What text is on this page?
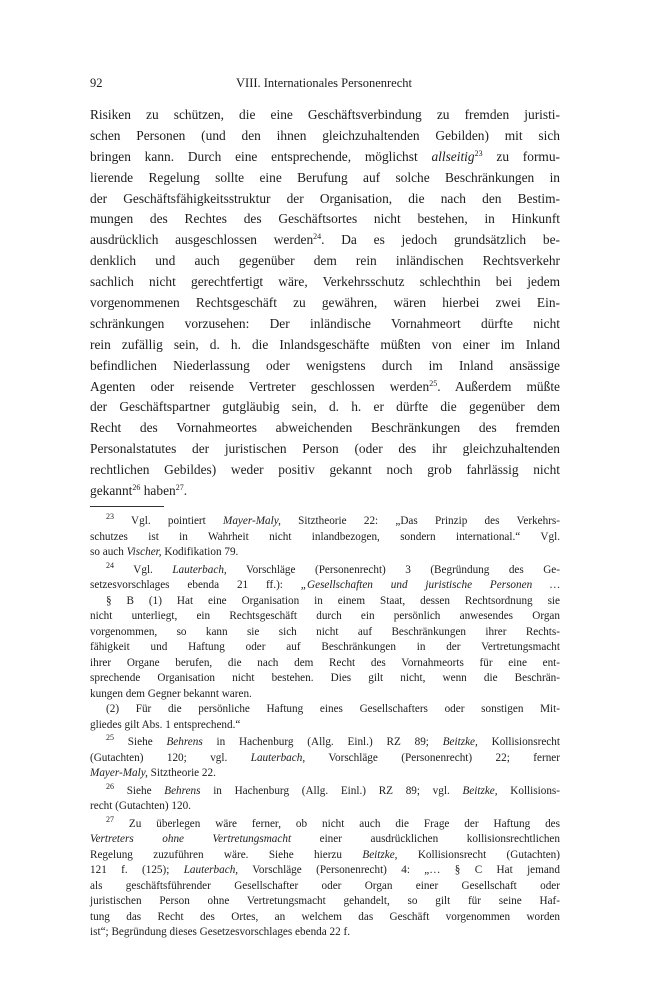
92	VIII. Internationales Personenrecht
Risiken zu schützen, die eine Geschäftsverbindung zu fremden juristi-
schen Personen (und den ihnen gleichzuhaltenden Gebilden) mit sich
bringen kann. Durch eine entsprechende, möglichst allseitig$^{23}$ zu formu-
lierende Regelung sollte eine Berufung auf solche Beschränkungen in
der Geschäftsfähigkeitsstruktur der Organisation, die nach den Bestim-
mungen des Rechtes des Geschäftsortes nicht bestehen, in Hinkunft
ausdrücklich ausgeschlossen werden$^{24}$. Da es jedoch grundsätzlich be-
denklich und auch gegenüber dem rein inländischen Rechtsverkehr
sachlich nicht gerechtfertigt wäre, Verkehrsschutz schlechthin bei jedem
vorgenommenen Rechtsgeschäft zu gewähren, wären hierbei zwei Ein-
schränkungen vorzusehen: Der inländische Vornahmeort dürfte nicht
rein zufällig sein, d. h. die Inlandsgeschäfte müßten von einer im Inland
befindlichen Niederlassung oder wenigstens durch im Inland ansässige
Agenten oder reisende Vertreter geschlossen werden$^{25}$. Außerdem müßte
der Geschäftspartner gutgläubig sein, d. h. er dürfte die gegenüber dem
Recht des Vornahmeortes abweichenden Beschränkungen des fremden
Personalstatutes der juristischen Person (oder des ihr gleichzuhaltenden
rechtlichen Gebildes) weder positiv gekannt noch grob fahrlässig nicht
gekannt$^{26}$ haben$^{27}$.
$^{23}$ Vgl. pointiert Mayer-Maly, Sitztheorie 22: „Das Prinzip des Verkehrs-
schutzes ist in Wahrheit nicht inlandbezogen, sondern international.“ Vgl.
so auch Vischer, Kodifikation 79.
$^{24}$ Vgl. Lauterbach, Vorschläge (Personenrecht) 3 (Begründung des Ge-
setzesvorschlages ebenda 21 ff.): „Gesellschaften und juristische Personen …
§ B (1) Hat eine Organisation in einem Staat, dessen Rechtsordnung sie
nicht unterliegt, ein Rechtsgeschäft durch ein persönlich anwesendes Organ
vorgenommen, so kann sie sich nicht auf Beschränkungen ihrer Rechts-
fähigkeit und Haftung oder auf Beschränkungen in der Vertretungsmacht
ihrer Organe berufen, die nach dem Recht des Vornahmeorts für eine ent-
sprechende Organisation nicht bestehen. Dies gilt nicht, wenn die Beschrän-
kungen dem Gegner bekannt waren.
(2) Für die persönliche Haftung eines Gesellschafters oder sonstigen Mit-
gliedes gilt Abs. 1 entsprechend.“
$^{25}$ Siehe Behrens in Hachenburg (Allg. Einl.) RZ 89; Beitzke, Kollisionsrecht
(Gutachten) 120; vgl. Lauterbach, Vorschläge (Personenrecht) 22; ferner
Mayer-Maly, Sitztheorie 22.
$^{26}$ Siehe Behrens in Hachenburg (Allg. Einl.) RZ 89; vgl. Beitzke, Kollisions-
recht (Gutachten) 120.
$^{27}$ Zu überlegen wäre ferner, ob nicht auch die Frage der Haftung des
Vertreters ohne Vertretungsmacht einer ausdrücklichen kollisionsrechtlichen
Regelung zuzuführen wäre. Siehe hierzu Beitzke, Kollisionsrecht (Gutachten)
121 f. (125); Lauterbach, Vorschläge (Personenrecht) 4: „… § C Hat jemand
als geschäftsführender Gesellschafter oder Organ einer Gesellschaft oder
juristischen Person ohne Vertretungsmacht gehandelt, so gilt für seine Haf-
tung das Recht des Ortes, an welchem das Geschäft vorgenommen worden
ist“; Begründung dieses Gesetzesvorschlages ebenda 22 f.
